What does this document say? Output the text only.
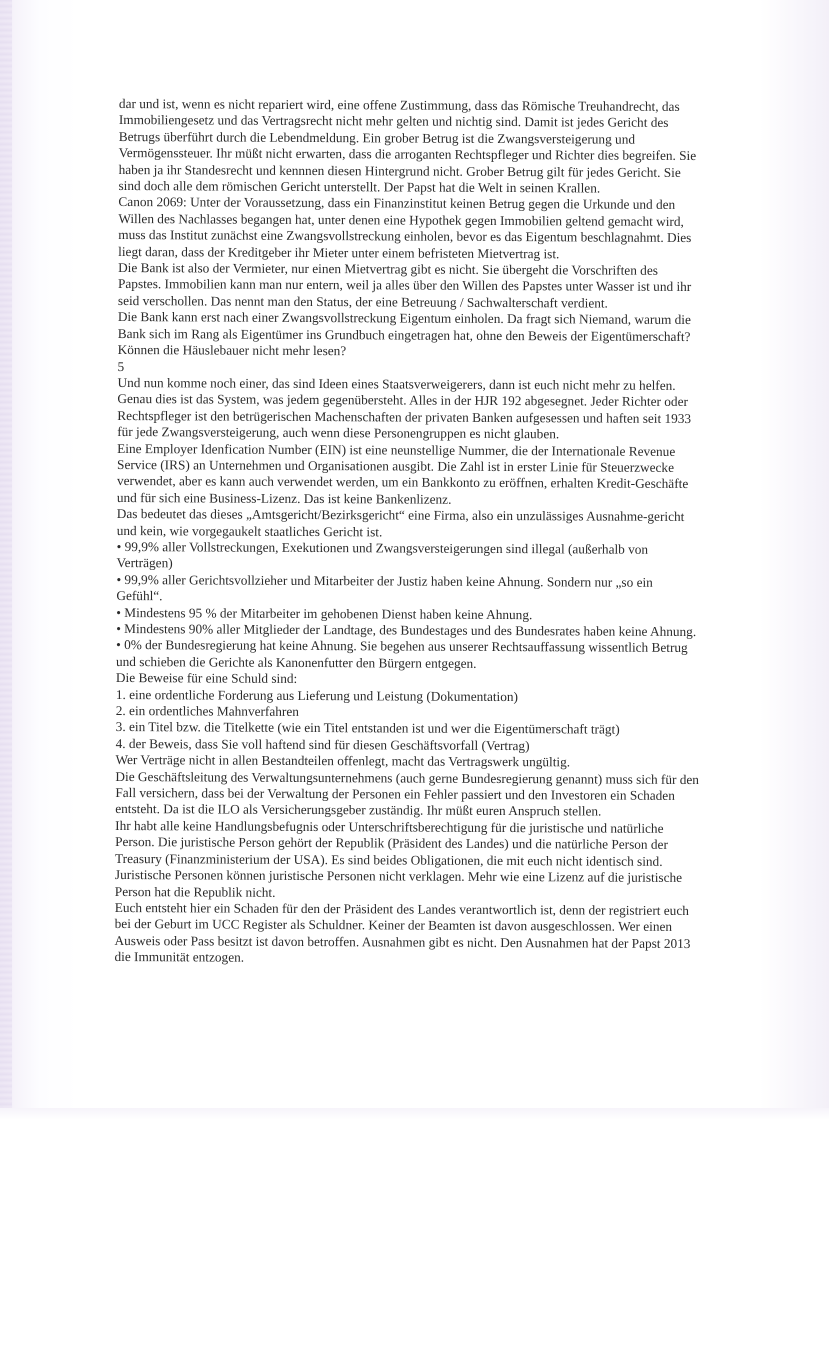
dar und ist, wenn es nicht repariert wird, eine offene Zustimmung, dass das Römische Treuhandrecht, das Immobiliengesetz und das Vertragsrecht nicht mehr gelten und nichtig sind. Damit ist jedes Gericht des Betrugs überführt durch die Lebendmeldung. Ein grober Betrug ist die Zwangsversteigerung und Vermögenssteuer. Ihr müßt nicht erwarten, dass die arroganten Rechtspfleger und Richter dies begreifen. Sie haben ja ihr Standesrecht und kennnen diesen Hintergrund nicht. Grober Betrug gilt für jedes Gericht. Sie sind doch alle dem römischen Gericht unterstellt. Der Papst hat die Welt in seinen Krallen.

Canon 2069: Unter der Voraussetzung, dass ein Finanzinstitut keinen Betrug gegen die Urkunde und den Willen des Nachlasses begangen hat, unter denen eine Hypothek gegen Immobilien geltend gemacht wird, muss das Institut zunächst eine Zwangsvollstreckung einholen, bevor es das Eigentum beschlagnahmt. Dies liegt daran, dass der Kreditgeber ihr Mieter unter einem befristeten Mietvertrag ist.

Die Bank ist also der Vermieter, nur einen Mietvertrag gibt es nicht. Sie übergeht die Vorschriften des Papstes. Immobilien kann man nur entern, weil ja alles über den Willen des Papstes unter Wasser ist und ihr seid verschollen. Das nennt man den Status, der eine Betreuung / Sachwalterschaft verdient.

Die Bank kann erst nach einer Zwangsvollstreckung Eigentum einholen. Da fragt sich Niemand, warum die Bank sich im Rang als Eigentümer ins Grundbuch eingetragen hat, ohne den Beweis der Eigentümerschaft? Können die Häuslebauer nicht mehr lesen?

5

Und nun komme noch einer, das sind Ideen eines Staatsverweigerers, dann ist euch nicht mehr zu helfen. Genau dies ist das System, was jedem gegenübersteht. Alles in der HJR 192 abgesegnet. Jeder Richter oder Rechtspfleger ist den betrügerischen Machenschaften der privaten Banken aufgesessen und haften seit 1933 für jede Zwangsversteigerung, auch wenn diese Personengruppen es nicht glauben.

Eine Employer Idenfication Number (EIN) ist eine neunstellige Nummer, die der Internationale Revenue Service (IRS) an Unternehmen und Organisationen ausgibt. Die Zahl ist in erster Linie für Steuerzwecke verwendet, aber es kann auch verwendet werden, um ein Bankkonto zu eröffnen, erhalten Kredit-Geschäfte und für sich eine Business-Lizenz. Das ist keine Bankenlizenz.

Das bedeutet das dieses „Amtsgericht/Bezirksgericht“ eine Firma, also ein unzulässiges Ausnahme-gericht und kein, wie vorgegaukelt staatliches Gericht ist.

• 99,9% aller Vollstreckungen, Exekutionen und Zwangsversteigerungen sind illegal (außerhalb von Verträgen)

• 99,9% aller Gerichtsvollzieher und Mitarbeiter der Justiz haben keine Ahnung. Sondern nur „so ein Gefühl“.

• Mindestens 95 % der Mitarbeiter im gehobenen Dienst haben keine Ahnung.

• Mindestens 90% aller Mitglieder der Landtage, des Bundestages und des Bundesrates haben keine Ahnung.

• 0% der Bundesregierung hat keine Ahnung. Sie begehen aus unserer Rechtsauffassung wissentlich Betrug und schieben die Gerichte als Kanonenfutter den Bürgern entgegen.

Die Beweise für eine Schuld sind:

1. eine ordentliche Forderung aus Lieferung und Leistung (Dokumentation)

2. ein ordentliches Mahnverfahren

3. ein Titel bzw. die Titelkette (wie ein Titel entstanden ist und wer die Eigentümerschaft trägt)

4. der Beweis, dass Sie voll haftend sind für diesen Geschäftsvorfall (Vertrag)

Wer Verträge nicht in allen Bestandteilen offenlegt, macht das Vertragswerk ungültig.

Die Geschäftsleitung des Verwaltungsunternehmens (auch gerne Bundesregierung genannt) muss sich für den Fall versichern, dass bei der Verwaltung der Personen ein Fehler passiert und den Investoren ein Schaden entsteht. Da ist die ILO als Versicherungsgeber zuständig. Ihr müßt euren Anspruch stellen.

Ihr habt alle keine Handlungsbefugnis oder Unterschriftsberechtigung für die juristische und natürliche Person. Die juristische Person gehört der Republik (Präsident des Landes) und die natürliche Person der Treasury (Finanzministerium der USA). Es sind beides Obligationen, die mit euch nicht identisch sind. Juristische Personen können juristische Personen nicht verklagen. Mehr wie eine Lizenz auf die juristische Person hat die Republik nicht.

Euch entsteht hier ein Schaden für den der Präsident des Landes verantwortlich ist, denn der registriert euch bei der Geburt im UCC Register als Schuldner. Keiner der Beamten ist davon ausgeschlossen. Wer einen Ausweis oder Pass besitzt ist davon betroffen. Ausnahmen gibt es nicht. Den Ausnahmen hat der Papst 2013 die Immunität entzogen.
